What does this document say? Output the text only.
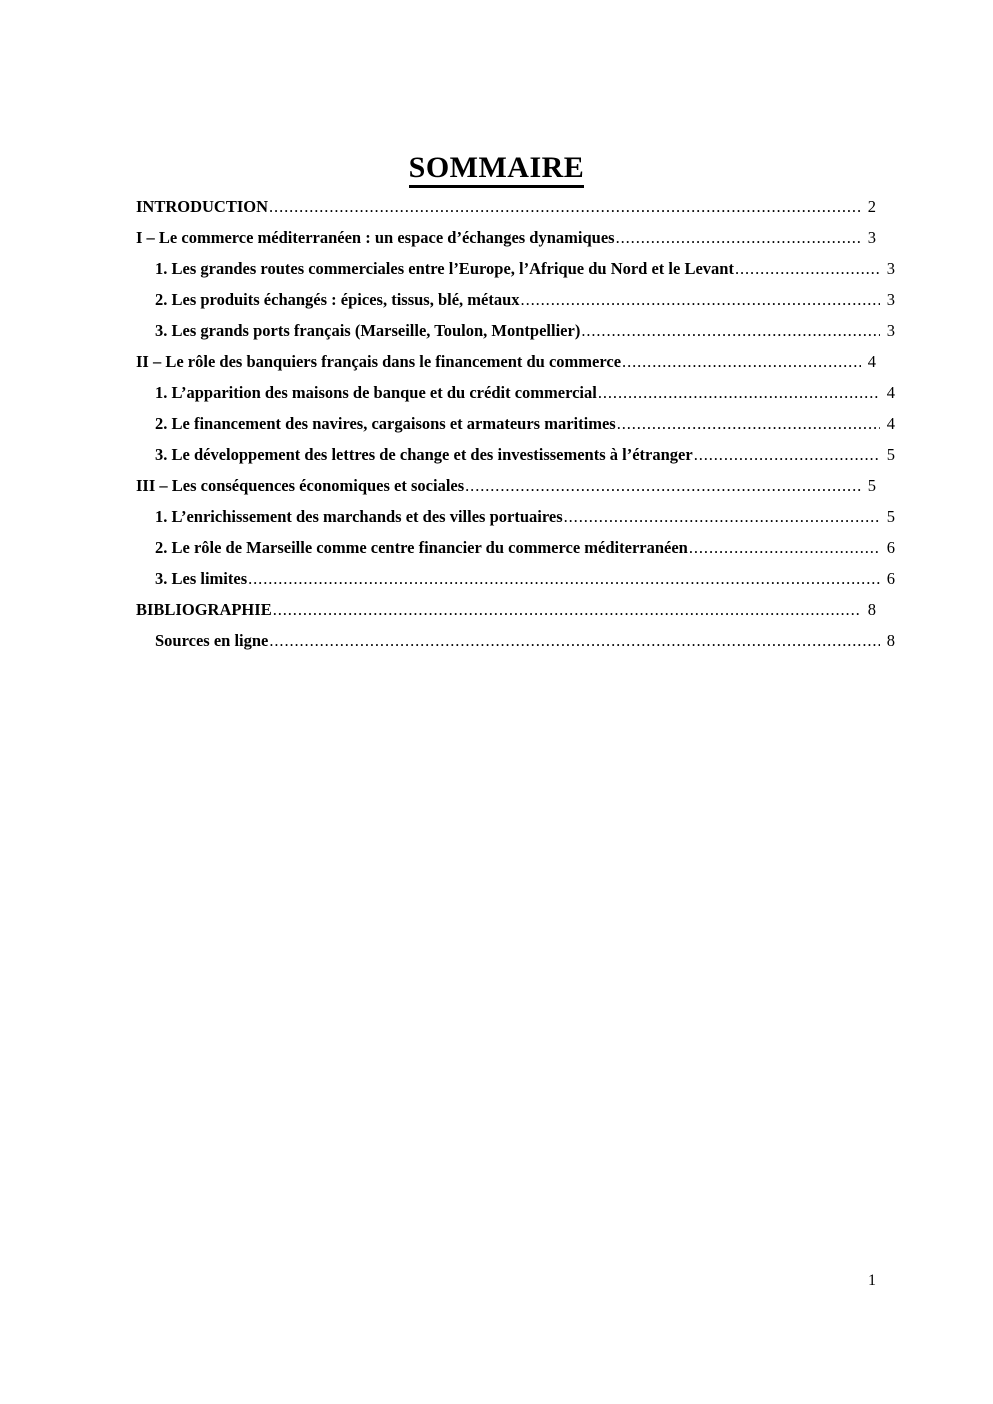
SOMMAIRE
INTRODUCTION .....	2
I – Le commerce méditerranéen : un espace d’échanges dynamiques .....	3
1. Les grandes routes commerciales entre l’Europe, l’Afrique du Nord et le Levant .....	3
2. Les produits échangés : épices, tissus, blé, métaux .....	3
3. Les grands ports français (Marseille, Toulon, Montpellier) .....	3
II – Le rôle des banquiers français dans le financement du commerce .....	4
1. L’apparition des maisons de banque et du crédit commercial .....	4
2. Le financement des navires, cargaisons et armateurs maritimes .....	4
3. Le développement des lettres de change et des investissements à l’étranger .....	5
III – Les conséquences économiques et sociales .....	5
1. L’enrichissement des marchands et des villes portuaires .....	5
2. Le rôle de Marseille comme centre financier du commerce méditerranéen .....	6
3. Les limites .....	6
BIBLIOGRAPHIE .....	8
Sources en ligne .....	8
1
